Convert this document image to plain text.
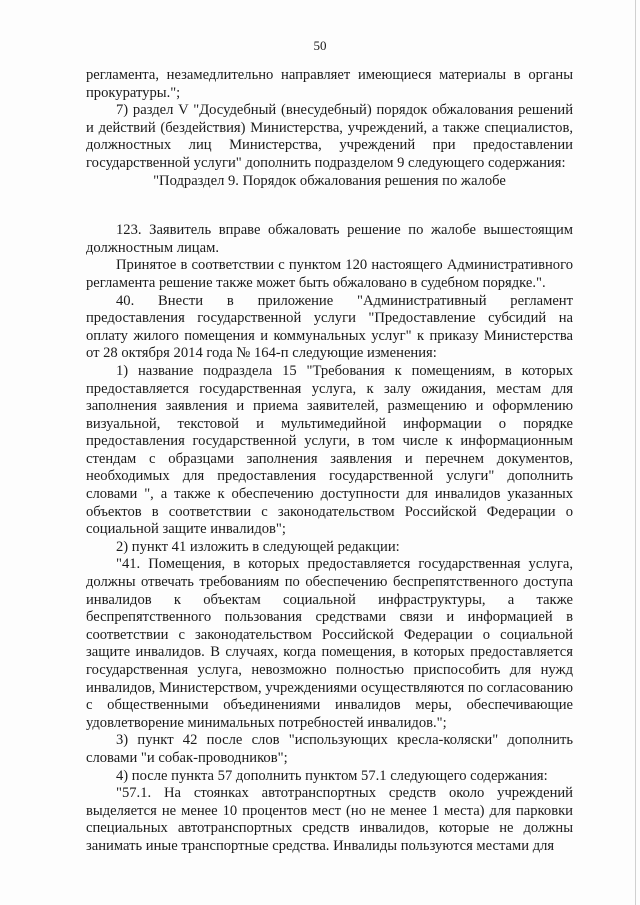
50

регламента, незамедлительно направляет имеющиеся материалы в органы прокуратуры.";

7) раздел V "Досудебный (внесудебный) порядок обжалования решений и действий (бездействия) Министерства, учреждений, а также специалистов, должностных лиц Министерства, учреждений при предоставлении государственной услуги" дополнить подразделом 9 следующего содержания:

"Подраздел 9. Порядок обжалования решения по жалобе

123. Заявитель вправе обжаловать решение по жалобе вышестоящим должностным лицам.

Принятое в соответствии с пунктом 120 настоящего Административного регламента решение также может быть обжаловано в судебном порядке.".

40. Внести в приложение "Административный регламент предоставления государственной услуги "Предоставление субсидий на оплату жилого помещения и коммунальных услуг" к приказу Министерства от 28 октября 2014 года № 164-п следующие изменения:

1) название подраздела 15 "Требования к помещениям, в которых предоставляется государственная услуга, к залу ожидания, местам для заполнения заявления и приема заявителей, размещению и оформлению визуальной, текстовой и мультимедийной информации о порядке предоставления государственной услуги, в том числе к информационным стендам с образцами заполнения заявления и перечнем документов, необходимых для предоставления государственной услуги" дополнить словами ", а также к обеспечению доступности для инвалидов указанных объектов в соответствии с законодательством Российской Федерации о социальной защите инвалидов";

2) пункт 41 изложить в следующей редакции:

"41. Помещения, в которых предоставляется государственная услуга, должны отвечать требованиям по обеспечению беспрепятственного доступа инвалидов к объектам социальной инфраструктуры, а также беспрепятственного пользования средствами связи и информацией в соответствии с законодательством Российской Федерации о социальной защите инвалидов. В случаях, когда помещения, в которых предоставляется государственная услуга, невозможно полностью приспособить для нужд инвалидов, Министерством, учреждениями осуществляются по согласованию с общественными объединениями инвалидов меры, обеспечивающие удовлетворение минимальных потребностей инвалидов.";

3) пункт 42 после слов "использующих кресла-коляски" дополнить словами "и собак-проводников";

4) после пункта 57 дополнить пунктом 57.1 следующего содержания:

"57.1. На стоянках автотранспортных средств около учреждений выделяется не менее 10 процентов мест (но не менее 1 места) для парковки специальных автотранспортных средств инвалидов, которые не должны занимать иные транспортные средства. Инвалиды пользуются местами для
